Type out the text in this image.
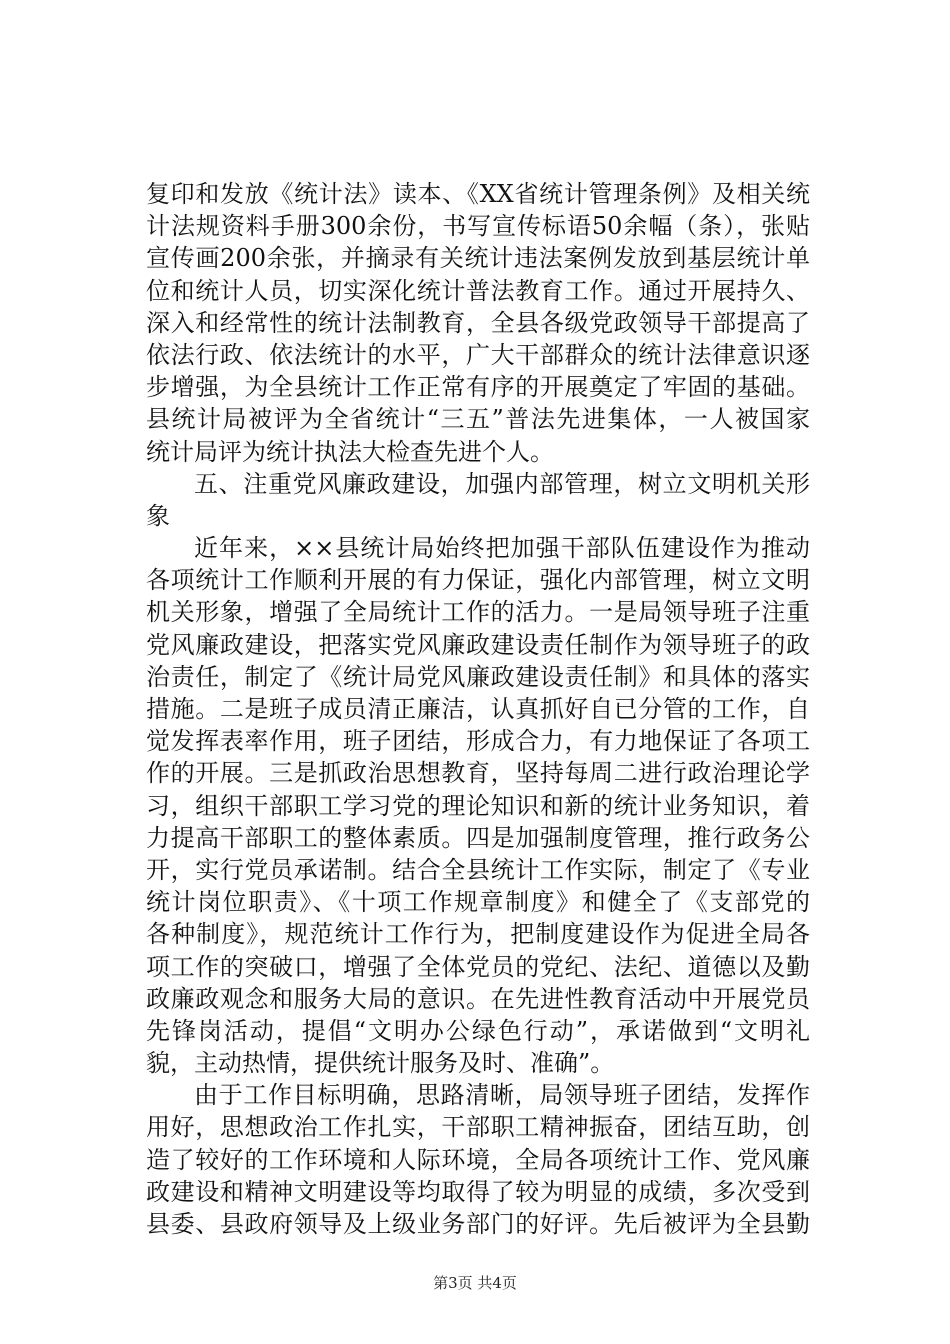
复印和发放《统计法》读本、《XX省统计管理条例》及相关统
计法规资料手册300余份，书写宣传标语50余幅（条），张贴
宣传画200余张，并摘录有关统计违法案例发放到基层统计单
位和统计人员，切实深化统计普法教育工作。通过开展持久、
深入和经常性的统计法制教育，全县各级党政领导干部提高了
依法行政、依法统计的水平，广大干部群众的统计法律意识逐
步增强，为全县统计工作正常有序的开展奠定了牢固的基础。
县统计局被评为全省统计“三五”普法先进集体，一人被国家
统计局评为统计执法大检查先进个人。
五、注重党风廉政建设，加强内部管理，树立文明机关形
象
近年来，××县统计局始终把加强干部队伍建设作为推动
各项统计工作顺利开展的有力保证，强化内部管理，树立文明
机关形象，增强了全局统计工作的活力。一是局领导班子注重
党风廉政建设，把落实党风廉政建设责任制作为领导班子的政
治责任，制定了《统计局党风廉政建设责任制》和具体的落实
措施。二是班子成员清正廉洁，认真抓好自已分管的工作，自
觉发挥表率作用，班子团结，形成合力，有力地保证了各项工
作的开展。三是抓政治思想教育，坚持每周二进行政治理论学
习，组织干部职工学习党的理论知识和新的统计业务知识，着
力提高干部职工的整体素质。四是加强制度管理，推行政务公
开，实行党员承诺制。结合全县统计工作实际，制定了《专业
统计岗位职责》、《十项工作规章制度》和健全了《支部党的
各种制度》，规范统计工作行为，把制度建设作为促进全局各
项工作的突破口，增强了全体党员的党纪、法纪、道德以及勤
政廉政观念和服务大局的意识。在先进性教育活动中开展党员
先锋岗活动，提倡“文明办公绿色行动”，承诺做到“文明礼
貌，主动热情，提供统计服务及时、准确”。
由于工作目标明确，思路清晰，局领导班子团结，发挥作
用好，思想政治工作扎实，干部职工精神振奋，团结互助，创
造了较好的工作环境和人际环境，全局各项统计工作、党风廉
政建设和精神文明建设等均取得了较为明显的成绩，多次受到
县委、县政府领导及上级业务部门的好评。先后被评为全县勤
第3页 共4页
